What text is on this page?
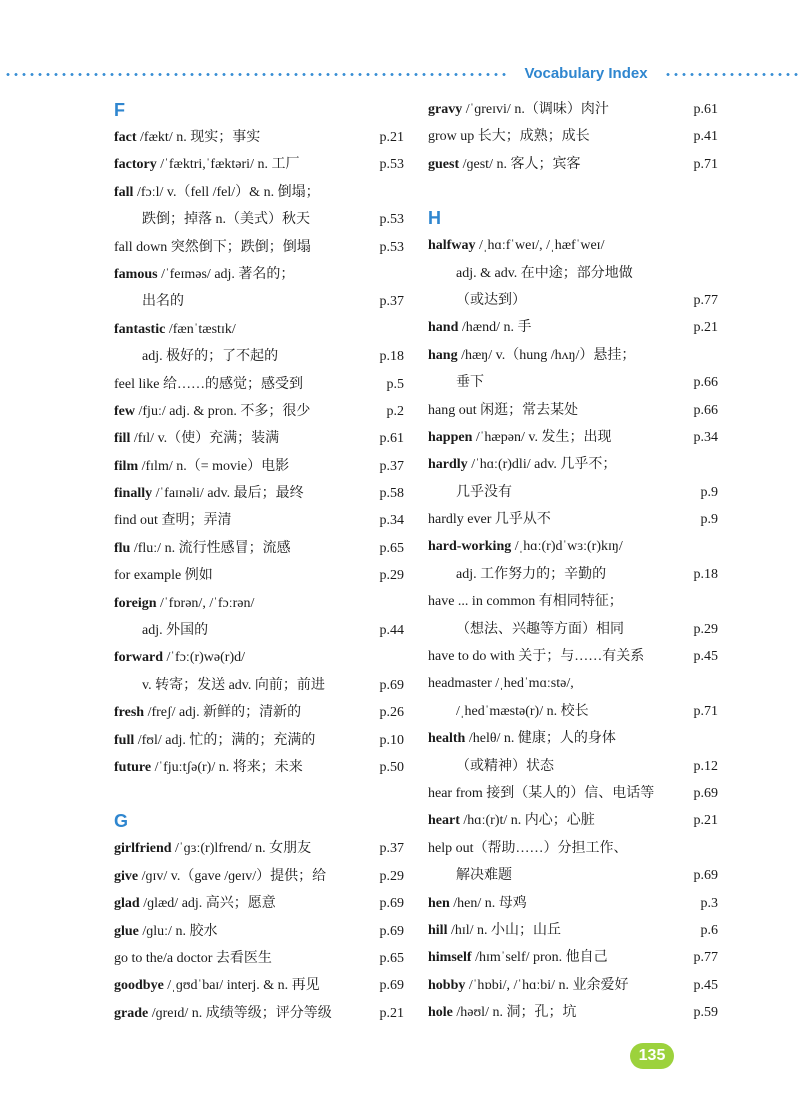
Vocabulary Index
F
fact /fækt/ n. 现实；事实	p.21
factory /ˈfæktri,ˈfæktəri/ n. 工厂	p.53
fall /fɔːl/ v.（fell /fel/）& n. 倒塌；
跌倒；掉落 n.（美式）秋天	p.53
fall down 突然倒下；跌倒；倒塌	p.53
famous /ˈfeɪməs/ adj. 著名的；
出名的	p.37
fantastic /fænˈtæstɪk/
adj. 极好的；了不起的	p.18
feel like 给……的感觉；感受到	p.5
few /fjuː/ adj. & pron. 不多；很少	p.2
fill /fɪl/ v.（使）充满；装满	p.61
film /fɪlm/ n.（= movie）电影	p.37
finally /ˈfaɪnəli/ adv. 最后；最终	p.58
find out 查明；弄清	p.34
flu /fluː/ n. 流行性感冒；流感	p.65
for example 例如	p.29
foreign /ˈfɒrən/, /ˈfɔːrən/
adj. 外国的	p.44
forward /ˈfɔː(r)wə(r)d/
v. 转寄；发送 adv. 向前；前进	p.69
fresh /freʃ/ adj. 新鲜的；清新的	p.26
full /fʊl/ adj. 忙的；满的；充满的	p.10
future /ˈfjuːtʃə(r)/ n. 将来；未来	p.50
G
girlfriend /ˈɡɜː(r)lfrend/ n. 女朋友	p.37
give /ɡɪv/ v.（gave /ɡeɪv/）提供；给	p.29
glad /ɡlæd/ adj. 高兴；愿意	p.69
glue /ɡluː/ n. 胶水	p.69
go to the/a doctor 去看医生	p.65
goodbye /ˌɡʊdˈbaɪ/ interj. & n. 再见	p.69
grade /ɡreɪd/ n. 成绩等级；评分等级	p.21
gravy /ˈɡreɪvi/ n.（调味）肉汁	p.61
grow up 长大；成熟；成长	p.41
guest /ɡest/ n. 客人；宾客	p.71
H
halfway /ˌhɑːfˈweɪ/, /ˌhæfˈweɪ/
adj. & adv. 在中途；部分地做
（或达到）	p.77
hand /hænd/ n. 手	p.21
hang /hæŋ/ v.（hung /hʌŋ/）悬挂；
垂下	p.66
hang out 闲逛；常去某处	p.66
happen /ˈhæpən/ v. 发生；出现	p.34
hardly /ˈhɑː(r)dli/ adv. 几乎不；
几乎没有	p.9
hardly ever 几乎从不	p.9
hard-working /ˌhɑː(r)dˈwɜː(r)kɪŋ/
adj. 工作努力的；辛勤的	p.18
have ... in common 有相同特征；
（想法、兴趣等方面）相同	p.29
have to do with 关于；与……有关系	p.45
headmaster /ˌhedˈmɑːstə/,
/ˌhedˈmæstə(r)/ n. 校长	p.71
health /helθ/ n. 健康；人的身体
（或精神）状态	p.12
hear from 接到（某人的）信、电话等	p.69
heart /hɑː(r)t/ n. 内心；心脏	p.21
help out（帮助……）分担工作、
解决难题	p.69
hen /hen/ n. 母鸡	p.3
hill /hɪl/ n. 小山；山丘	p.6
himself /hɪmˈself/ pron. 他自己	p.77
hobby /ˈhɒbi/, /ˈhɑːbi/ n. 业余爱好	p.45
hole /həʊl/ n. 洞；孔；坑	p.59
135
